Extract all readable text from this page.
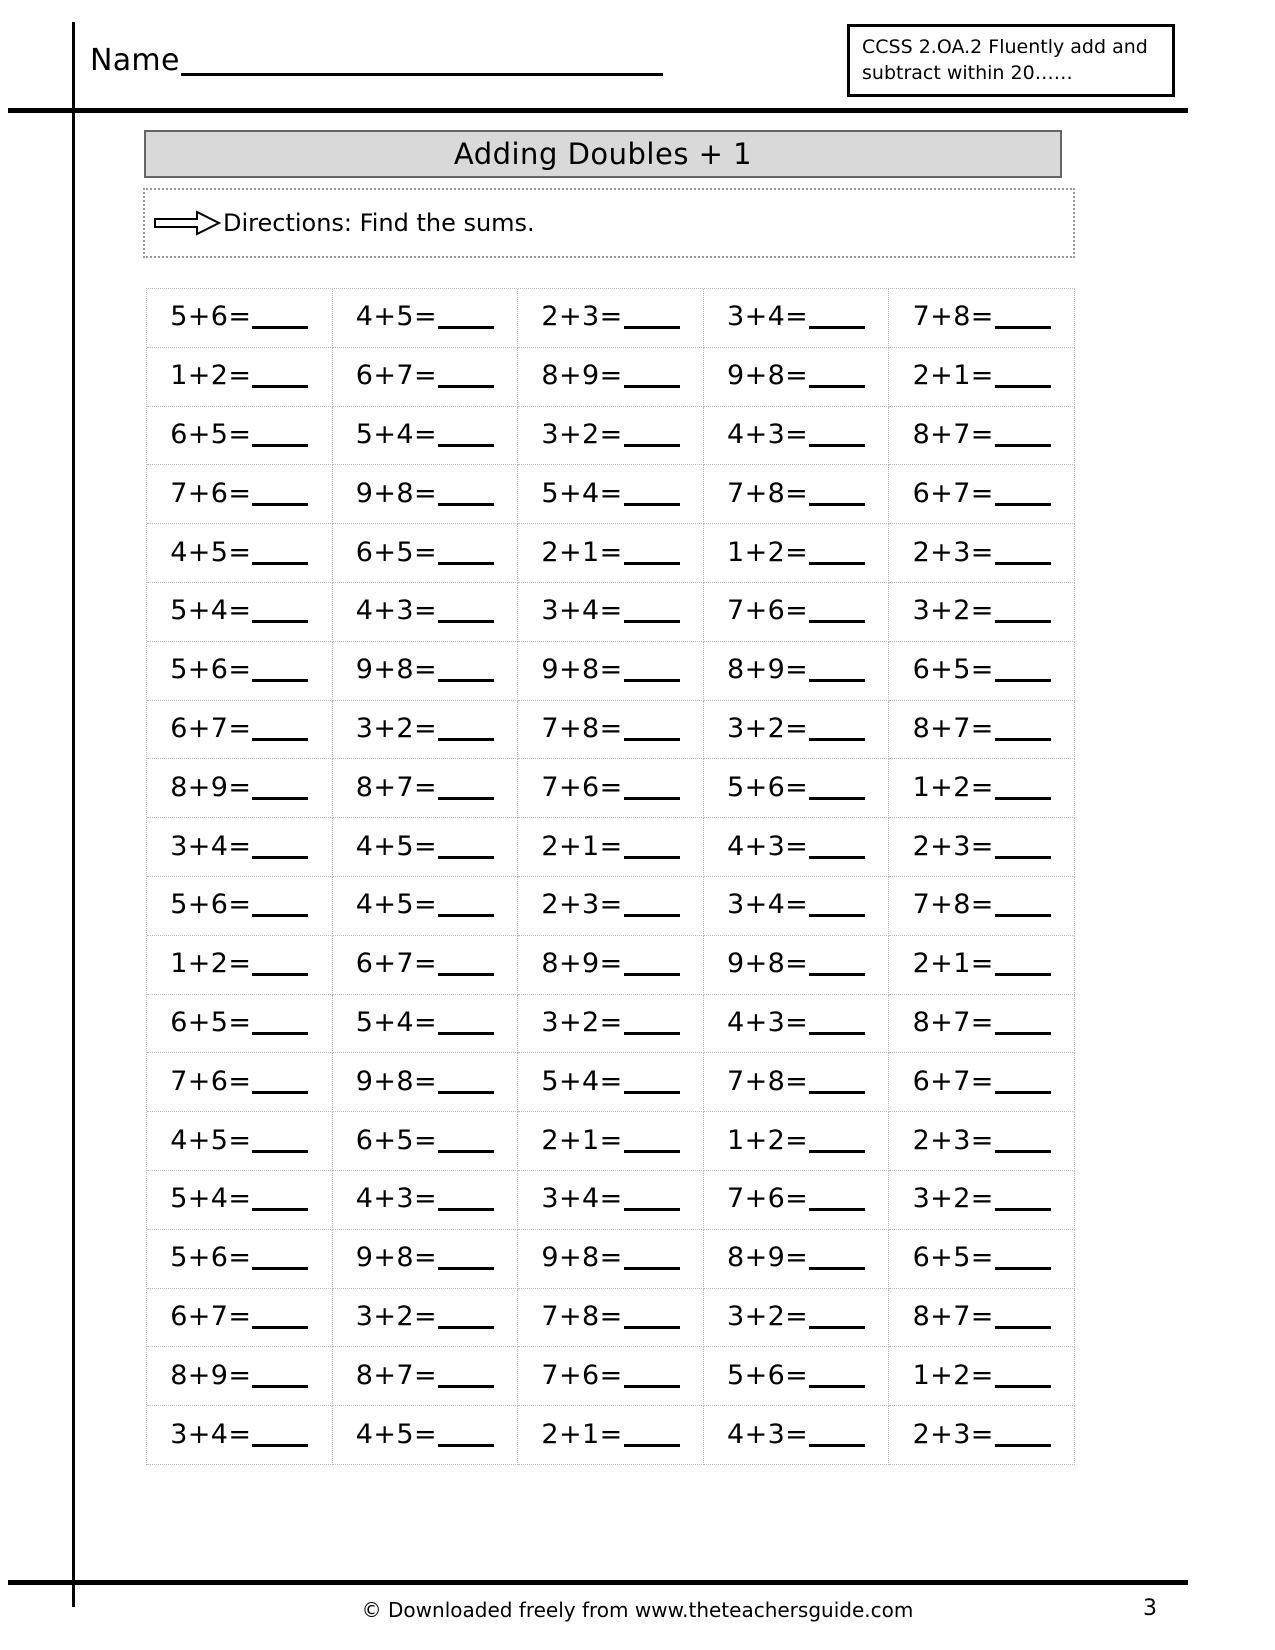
Name	CCSS 2.OA.2 Fluently add and
subtract within 20……
Adding Doubles + 1
Directions: Find the sums.
5+6=	4+5=	2+3=	3+4=	7+8=
1+2=	6+7=	8+9=	9+8=	2+1=
6+5=	5+4=	3+2=	4+3=	8+7=
7+6=	9+8=	5+4=	7+8=	6+7=
4+5=	6+5=	2+1=	1+2=	2+3=
5+4=	4+3=	3+4=	7+6=	3+2=
5+6=	9+8=	9+8=	8+9=	6+5=
6+7=	3+2=	7+8=	3+2=	8+7=
8+9=	8+7=	7+6=	5+6=	1+2=
3+4=	4+5=	2+1=	4+3=	2+3=
5+6=	4+5=	2+3=	3+4=	7+8=
1+2=	6+7=	8+9=	9+8=	2+1=
6+5=	5+4=	3+2=	4+3=	8+7=
7+6=	9+8=	5+4=	7+8=	6+7=
4+5=	6+5=	2+1=	1+2=	2+3=
5+4=	4+3=	3+4=	7+6=	3+2=
5+6=	9+8=	9+8=	8+9=	6+5=
6+7=	3+2=	7+8=	3+2=	8+7=
8+9=	8+7=	7+6=	5+6=	1+2=
3+4=	4+5=	2+1=	4+3=	2+3=
© Downloaded freely from www.theteachersguide.com	3
